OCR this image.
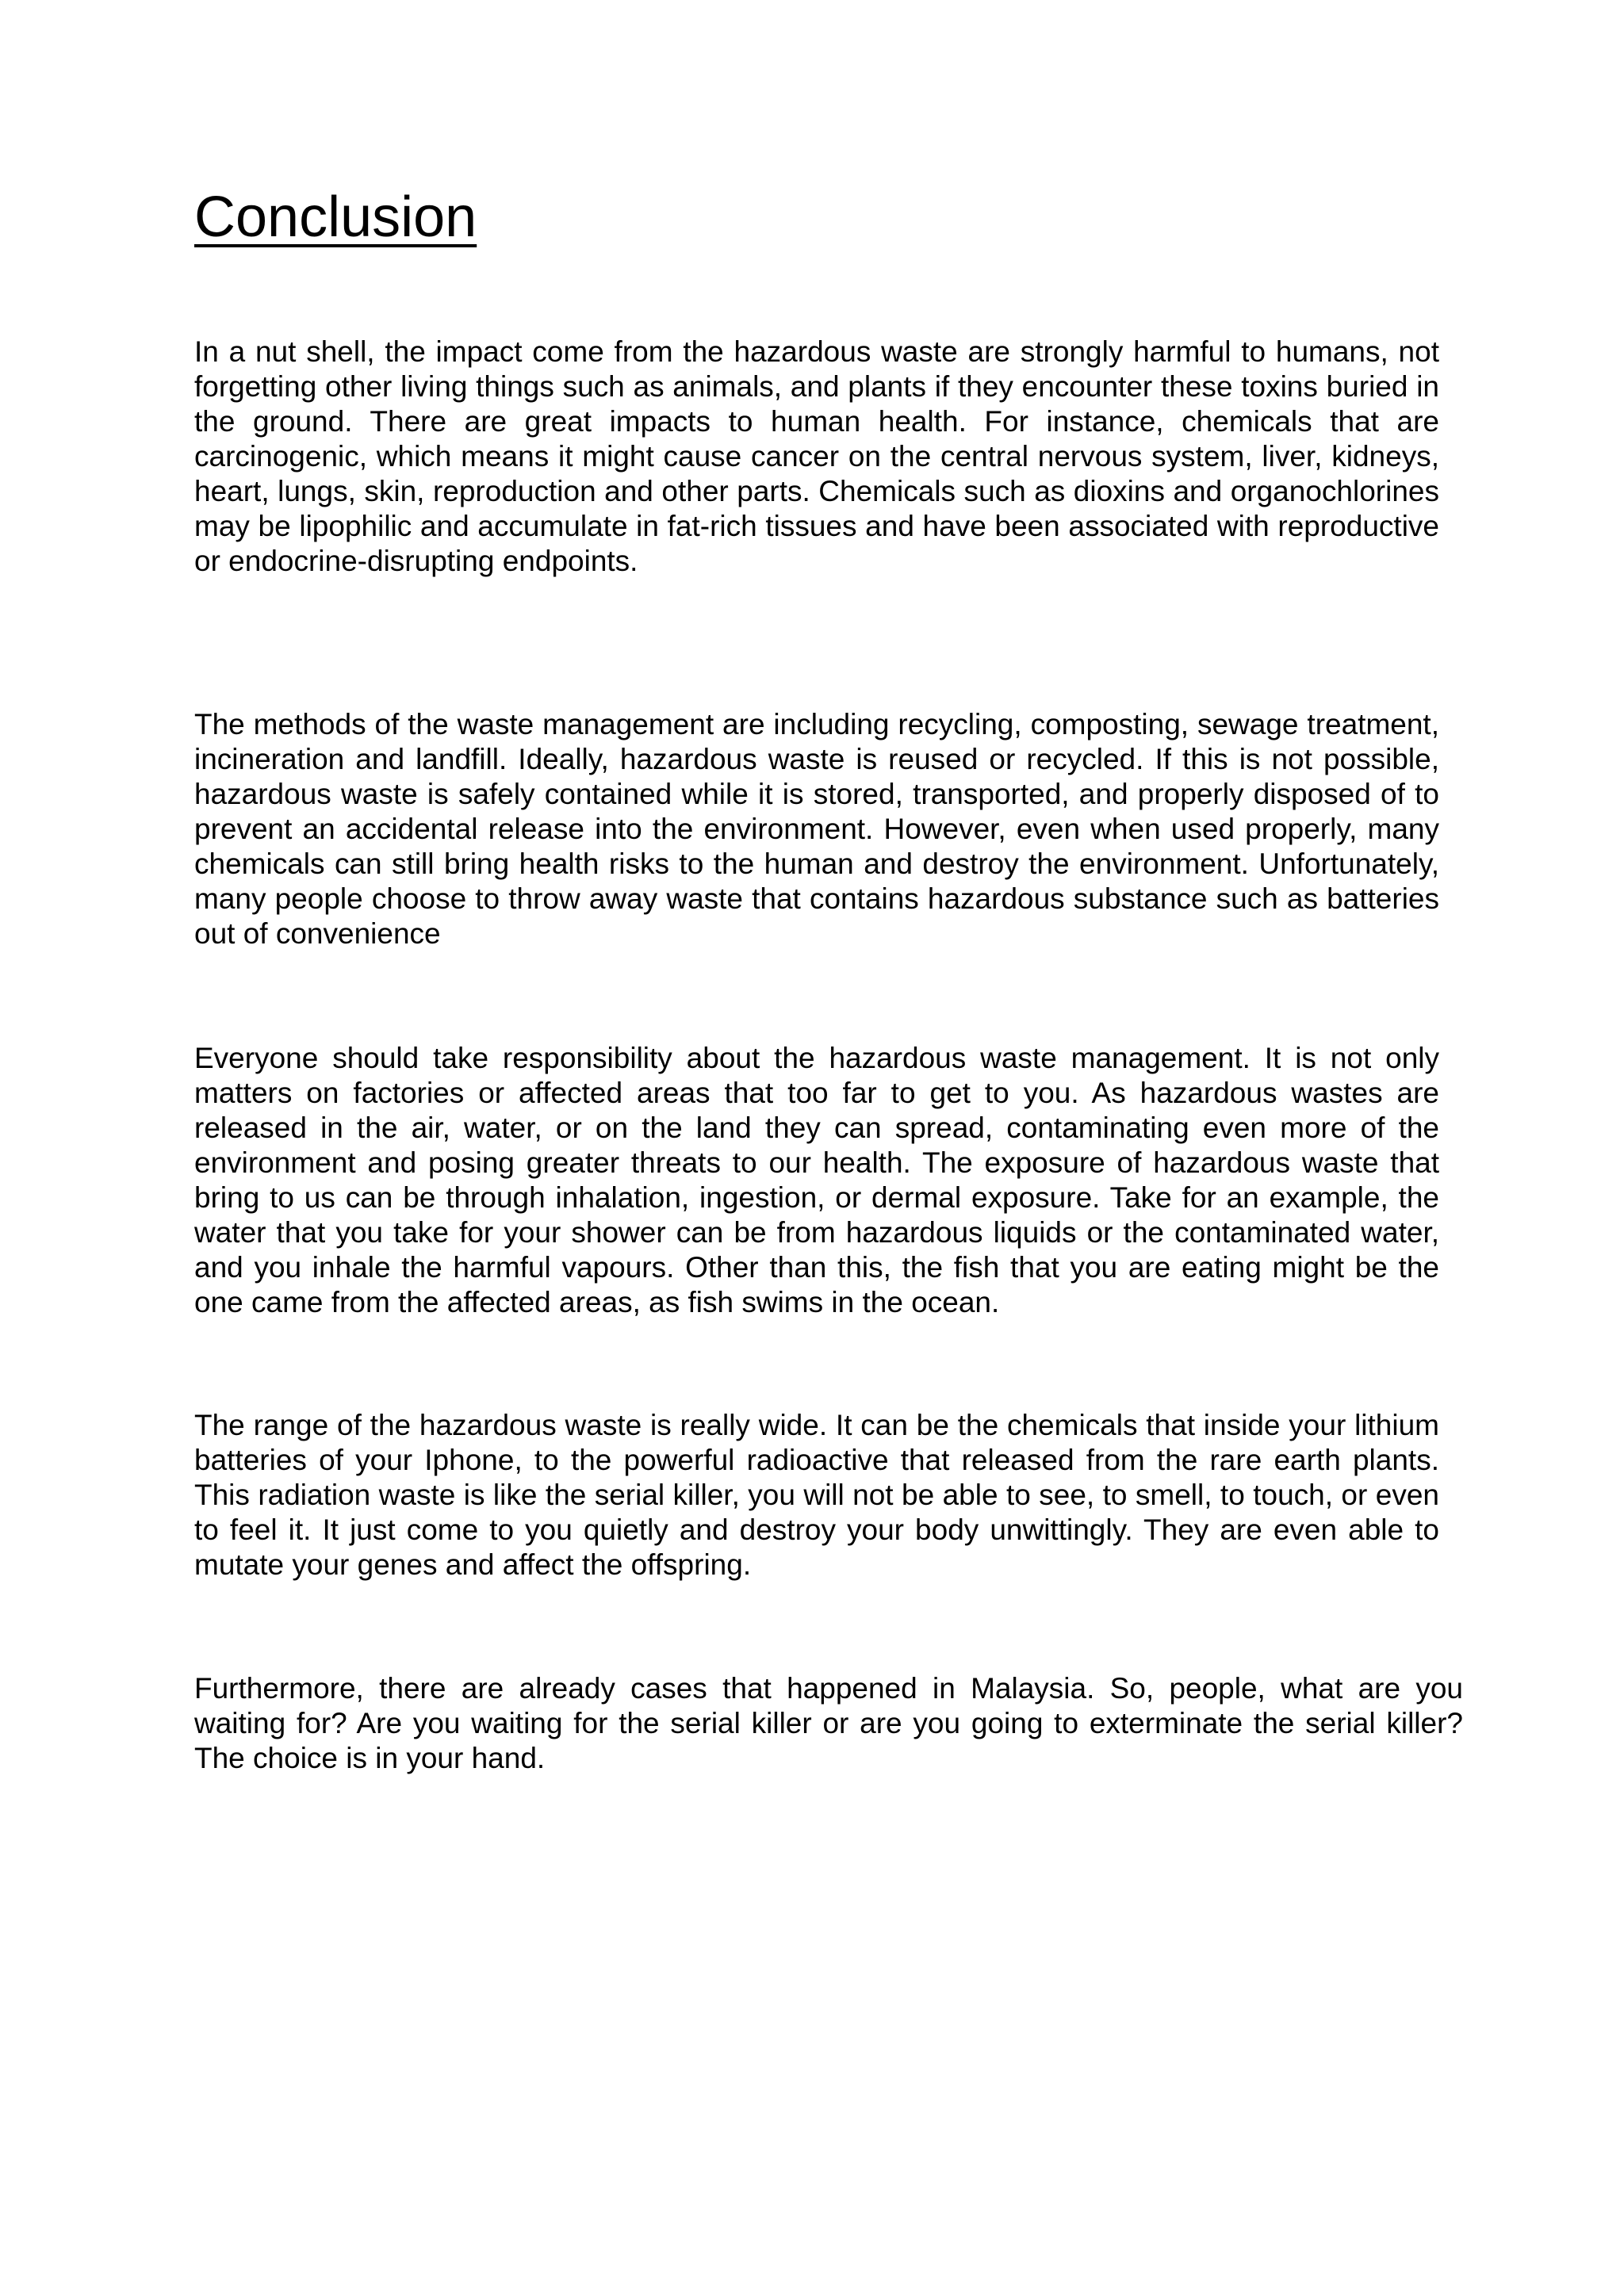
Conclusion

In a nut shell, the impact come from the hazardous waste are strongly harmful to humans, not forgetting other living things such as animals, and plants if they encounter these toxins buried in the ground. There are great impacts to human health. For instance, chemicals that are carcinogenic, which means it might cause cancer on the central nervous system, liver, kidneys, heart, lungs, skin, reproduction and other parts. Chemicals such as dioxins and organochlorines may be lipophilic and accumulate in fat-rich tissues and have been associated with reproductive or endocrine-disrupting endpoints.

The methods of the waste management are including recycling, composting, sewage treatment, incineration and landfill. Ideally, hazardous waste is reused or recycled. If this is not possible, hazardous waste is safely contained while it is stored, transported, and properly disposed of to prevent an accidental release into the environment. However, even when used properly, many chemicals can still bring health risks to the human and destroy the environment. Unfortunately, many people choose to throw away waste that contains hazardous substance such as batteries out of convenience

Everyone should take responsibility about the hazardous waste management. It is not only matters on factories or affected areas that too far to get to you. As hazardous wastes are released in the air, water, or on the land they can spread, contaminating even more of the environment and posing greater threats to our health. The exposure of hazardous waste that bring to us can be through inhalation, ingestion, or dermal exposure. Take for an example, the water that you take for your shower can be from hazardous liquids or the contaminated water, and you inhale the harmful vapours. Other than this, the fish that you are eating might be the one came from the affected areas, as fish swims in the ocean.

The range of the hazardous waste is really wide. It can be the chemicals that inside your lithium batteries of your Iphone, to the powerful radioactive that released from the rare earth plants. This radiation waste is like the serial killer, you will not be able to see, to smell, to touch, or even to feel it. It just come to you quietly and destroy your body unwittingly. They are even able to mutate your genes and affect the offspring.

Furthermore, there are already cases that happened in Malaysia. So, people, what are you waiting for? Are you waiting for the serial killer or are you going to exterminate the serial killer? The choice is in your hand.
